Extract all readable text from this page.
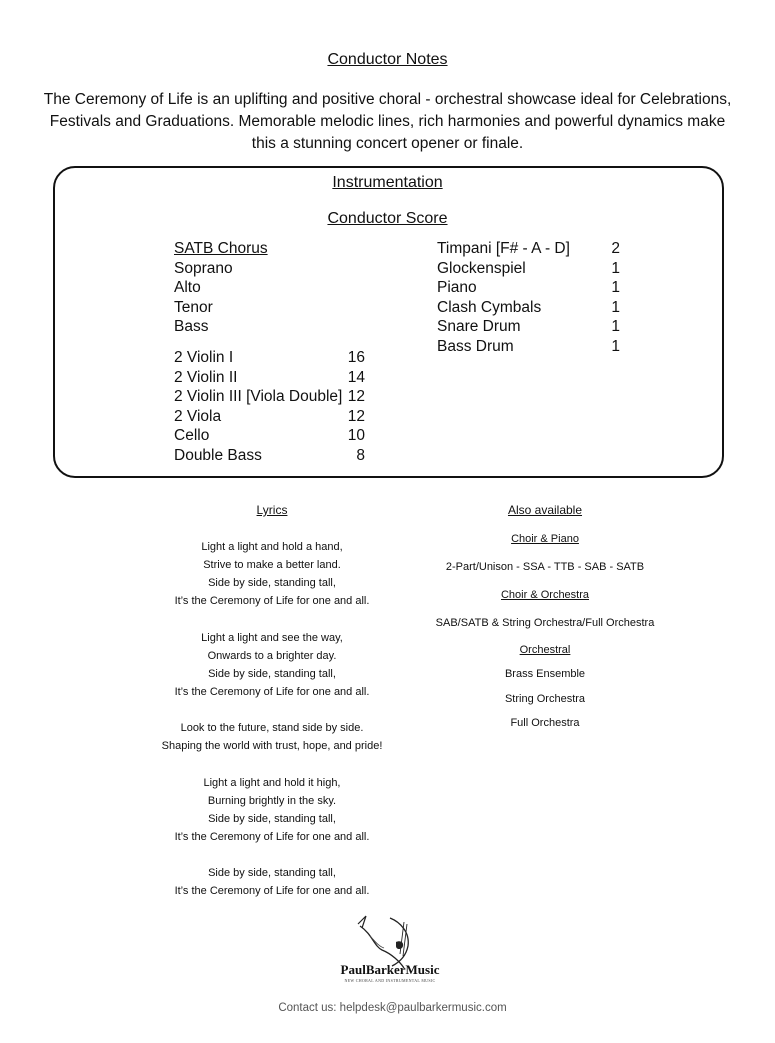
Conductor Notes
The Ceremony of Life is an uplifting and positive choral - orchestral showcase ideal for Celebrations, Festivals and Graduations. Memorable melodic lines, rich harmonies and powerful dynamics make this a stunning concert opener or finale.
Instrumentation
Conductor Score
SATB Chorus
Soprano
Alto
Tenor
Bass
2 Violin I	16
2 Violin II	14
2 Violin III [Viola Double] 12
2 Viola	12
Cello	10
Double Bass	8
Timpani [F# - A - D]	2
Glockenspiel	1
Piano	1
Clash Cymbals	1
Snare Drum	1
Bass Drum	1
Lyrics
Light a light and hold a hand,
Strive to make a better land.
Side by side, standing tall,
It’s the Ceremony of Life for one and all.
Light a light and see the way,
Onwards to a brighter day.
Side by side, standing tall,
It’s the Ceremony of Life for one and all.
Look to the future, stand side by side.
Shaping the world with trust, hope, and pride!
Light a light and hold it high,
Burning brightly in the sky.
Side by side, standing tall,
It’s the Ceremony of Life for one and all.
Side by side, standing tall,
It’s the Ceremony of Life for one and all.
Also available
Choir & Piano
2-Part/Unison - SSA - TTB - SAB - SATB
Choir & Orchestra
SAB/SATB & String Orchestra/Full Orchestra
Orchestral
Brass Ensemble
String Orchestra
Full Orchestra
PaulBarkerMusic
NEW CHORAL AND INSTRUMENTAL MUSIC
Contact us: helpdesk@paulbarkermusic.com
